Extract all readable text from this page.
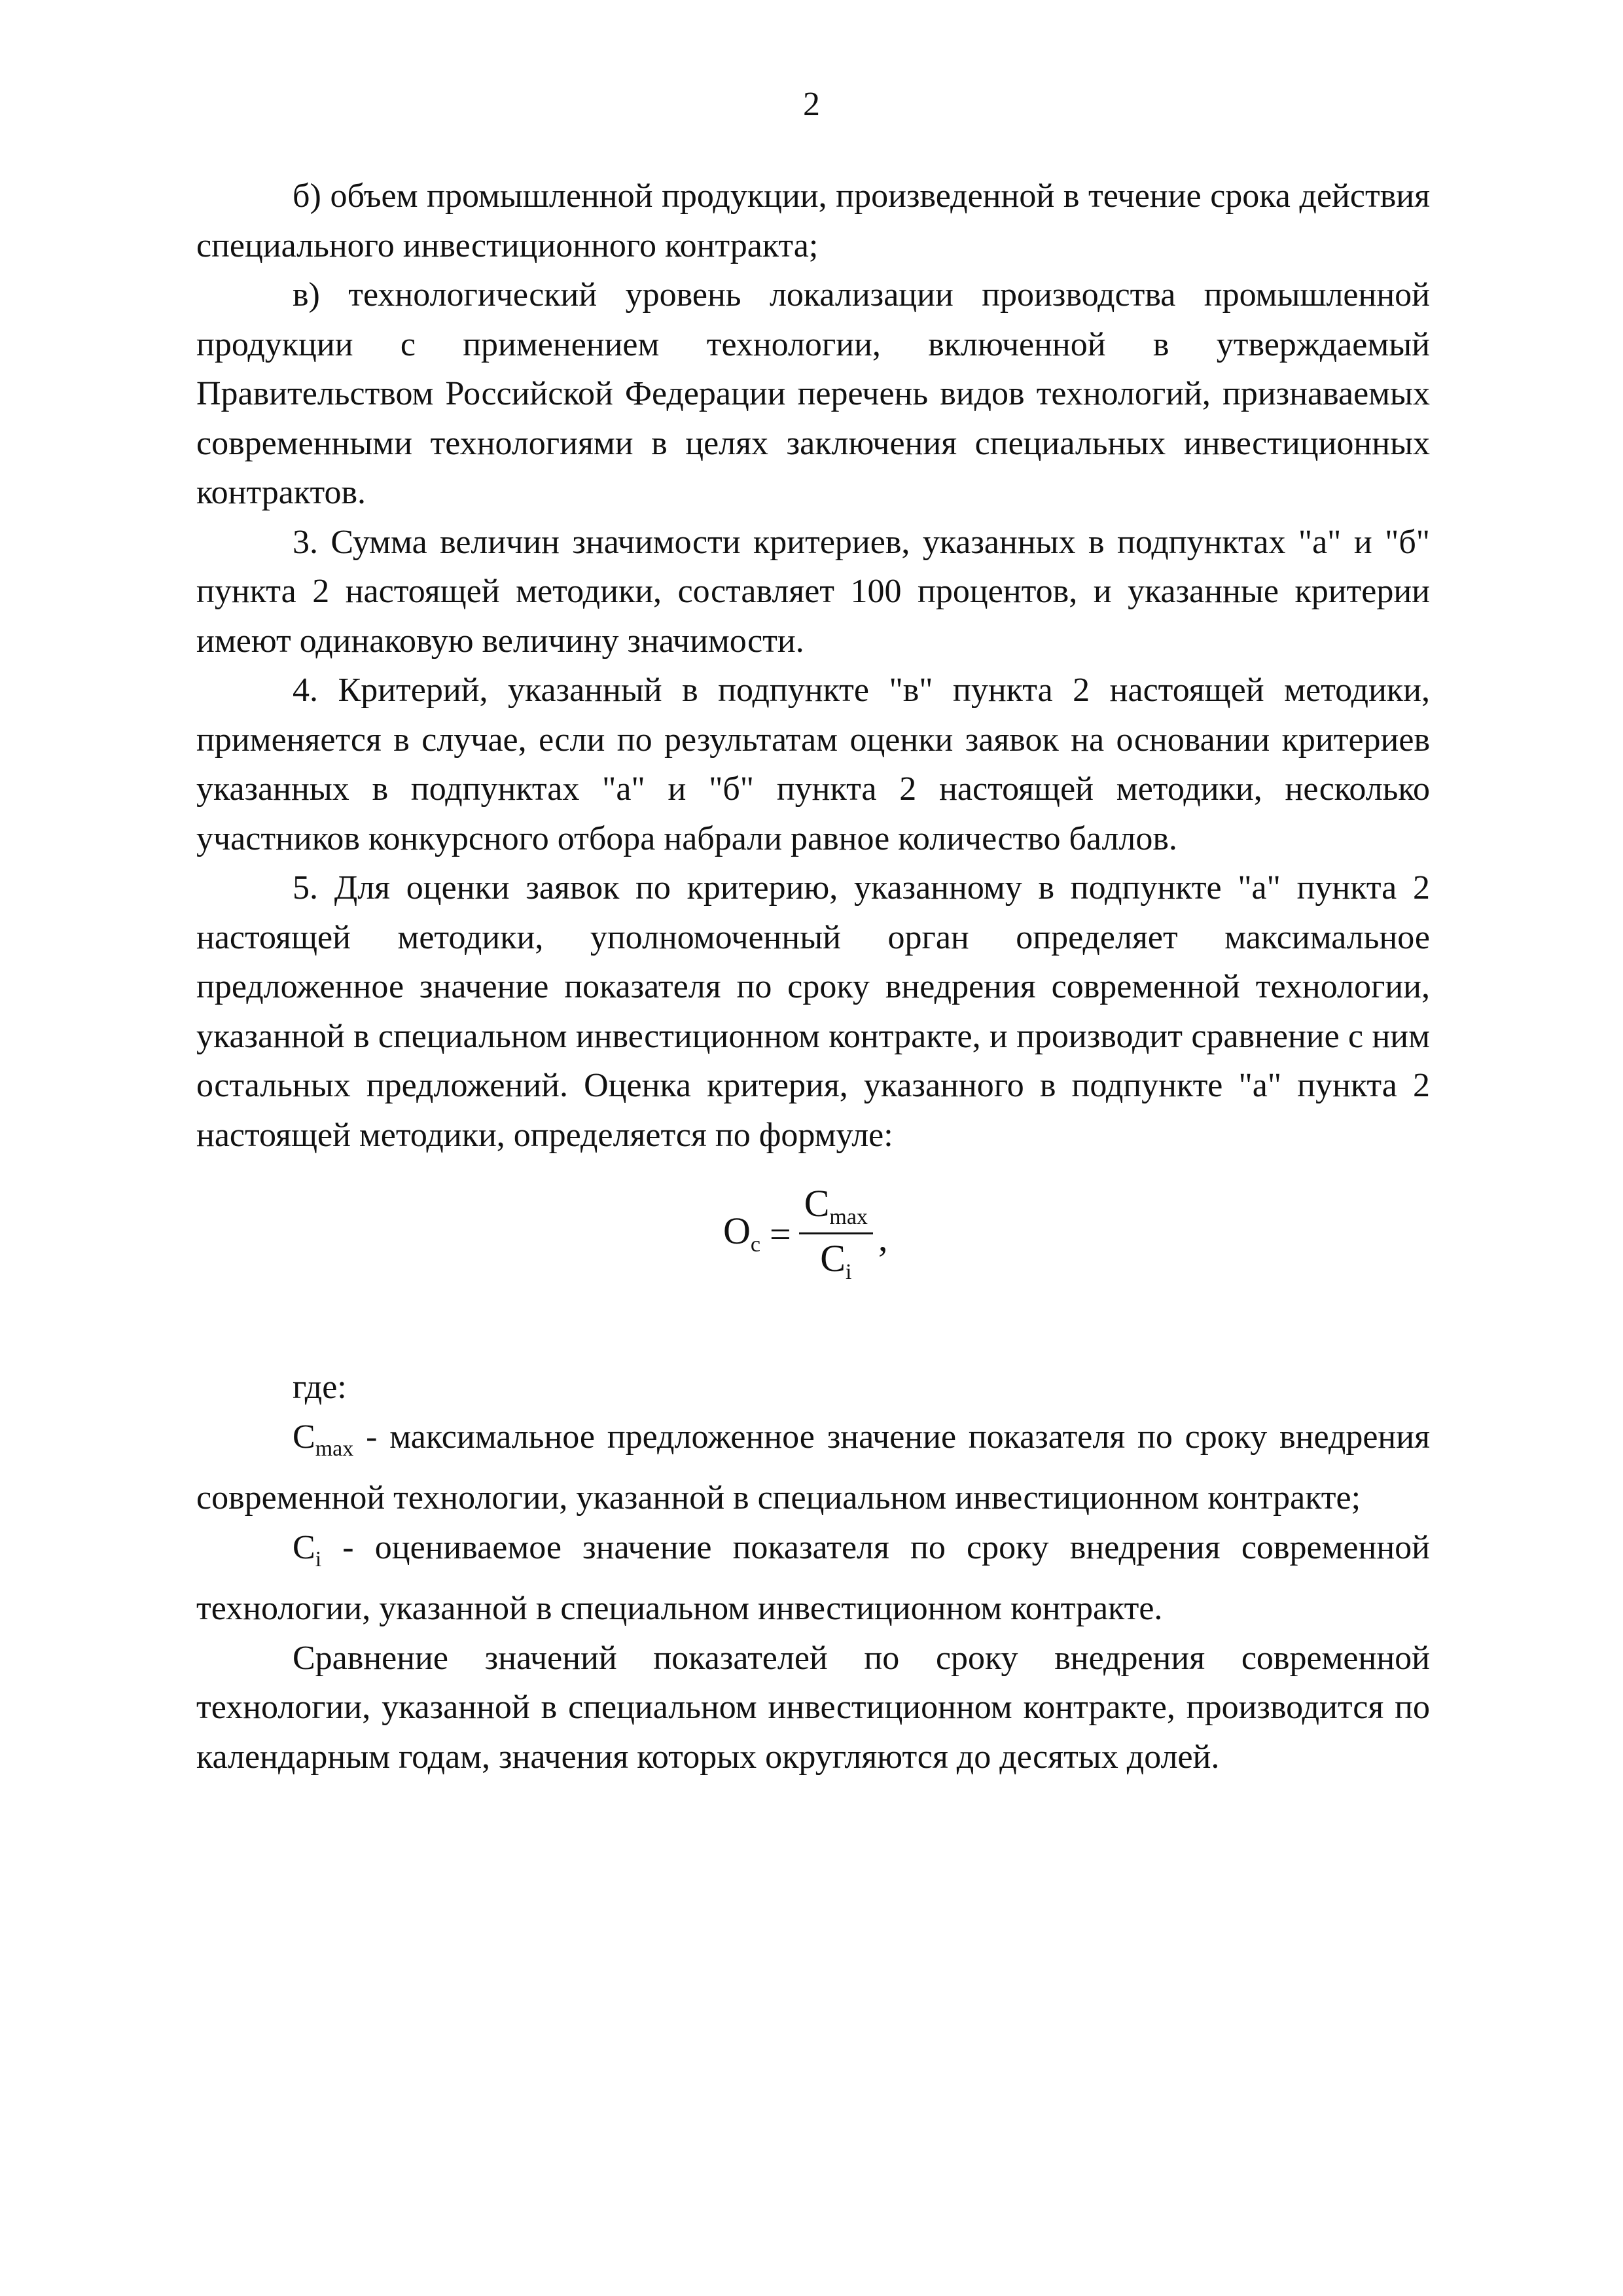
2

б) объем промышленной продукции, произведенной в течение срока действия специального инвестиционного контракта;

в) технологический уровень локализации производства промышленной продукции с применением технологии, включенной в утверждаемый Правительством Российской Федерации перечень видов технологий, признаваемых современными технологиями в целях заключения специальных инвестиционных контрактов.

3. Сумма величин значимости критериев, указанных в подпунктах "а" и "б" пункта 2 настоящей методики, составляет 100 процентов, и указанные критерии имеют одинаковую величину значимости.

4. Критерий, указанный в подпункте "в" пункта 2 настоящей методики, применяется в случае, если по результатам оценки заявок на основании критериев указанных в подпунктах "а" и "б" пункта 2 настоящей методики, несколько участников конкурсного отбора набрали равное количество баллов.

5. Для оценки заявок по критерию, указанному в подпункте "а" пункта 2 настоящей методики, уполномоченный орган определяет максимальное предложенное значение показателя по сроку внедрения современной технологии, указанной в специальном инвестиционном контракте, и производит сравнение с ним остальных предложений. Оценка критерия, указанного в подпункте "а" пункта 2 настоящей методики, определяется по формуле:

$О_с = \frac{С_{max}}{С_i}$ ,

где:

$С_{max}$ - максимальное предложенное значение показателя по сроку внедрения современной технологии, указанной в специальном инвестиционном контракте;

$С_i$ - оцениваемое значение показателя по сроку внедрения современной технологии, указанной в специальном инвестиционном контракте.

Сравнение значений показателей по сроку внедрения современной технологии, указанной в специальном инвестиционном контракте, производится по календарным годам, значения которых округляются до десятых долей.
